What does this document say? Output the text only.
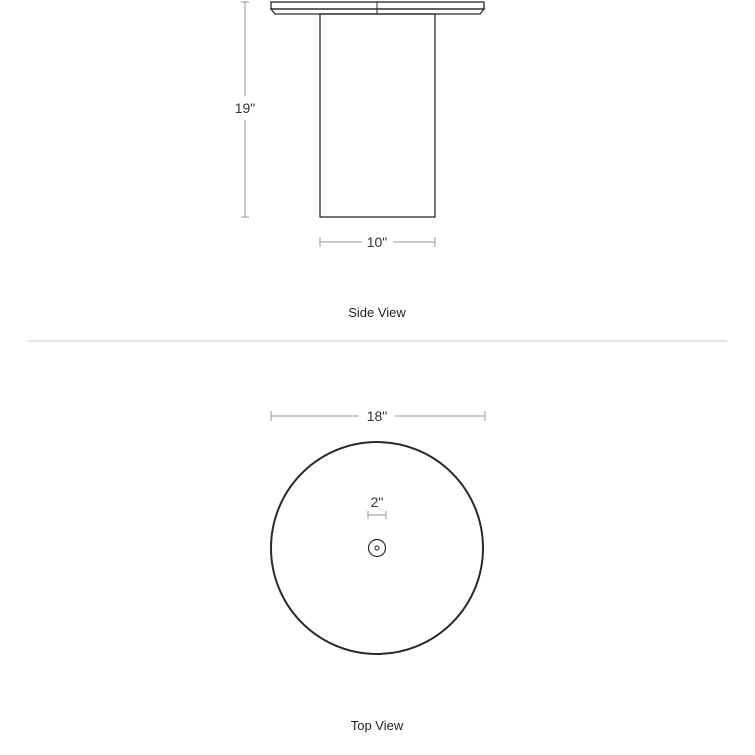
19"
10"
Side View
18"
2"
Top View
